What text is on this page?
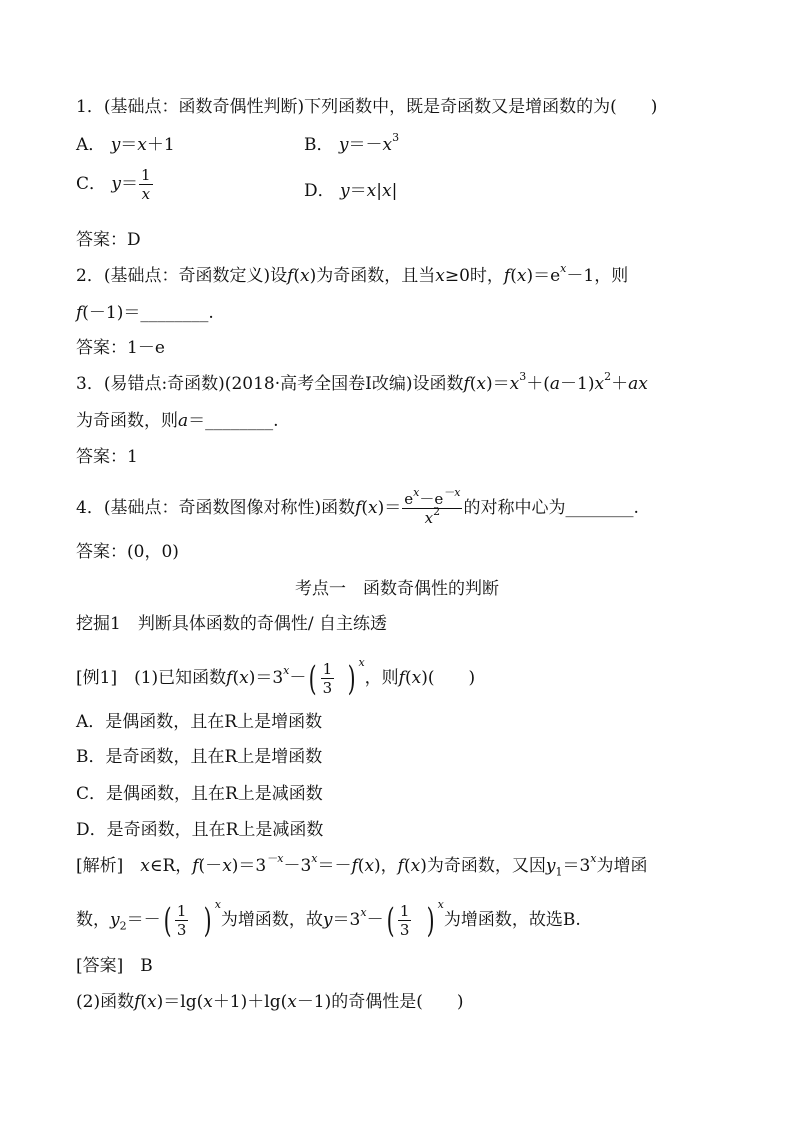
1．(基础点：函数奇偶性判断)下列函数中，既是奇函数又是增函数的为(　　)
A． y＝x＋1	B． $y=-x^3$
C． $y= \frac{1}{x}$	D． y＝x|x|
答案：D
2．(基础点：奇函数定义)设f(x)为奇函数，且当x≥0时，$f(x)=e^x-1$，则
f(－1)＝________.
答案：1－e
3．(易错点:奇函数)(2018·高考全国卷Ⅰ改编)设函数$f(x)=x^3+(a-1)x^2+ax$
为奇函数，则a＝________.
答案：1
4．(基础点：奇函数图像对称性)函数$f(x)= \frac{e^x-e^{-x}}{x^2}$ 的对称中心为________.
答案：(0，0)
考点一　函数奇偶性的判断
挖掘1　判断具体函数的奇偶性/ 自主练透
[例1]　(1)已知函数$f(x)=3^x-( \frac{1}{3}$ ) $^x$，则f(x)(　　)
A．是偶函数，且在R上是增函数
B．是奇函数，且在R上是增函数
C．是偶函数，且在R上是减函数
D．是奇函数，且在R上是减函数
[解析]　 x∈R，$f(-x)=3^{-x}-3^x=-f(x)$，f(x)为奇函数，又因$y_1=3^x$为增函
数，$y_2=-( \frac{1}{3}$ ) $^x$为增函数，故$y=3^x-( \frac{1}{3}$ ) $^x$为增函数，故选B.
[答案]　B
(2)函数f(x)＝lg(x＋1)＋lg(x－1)的奇偶性是(　　)
